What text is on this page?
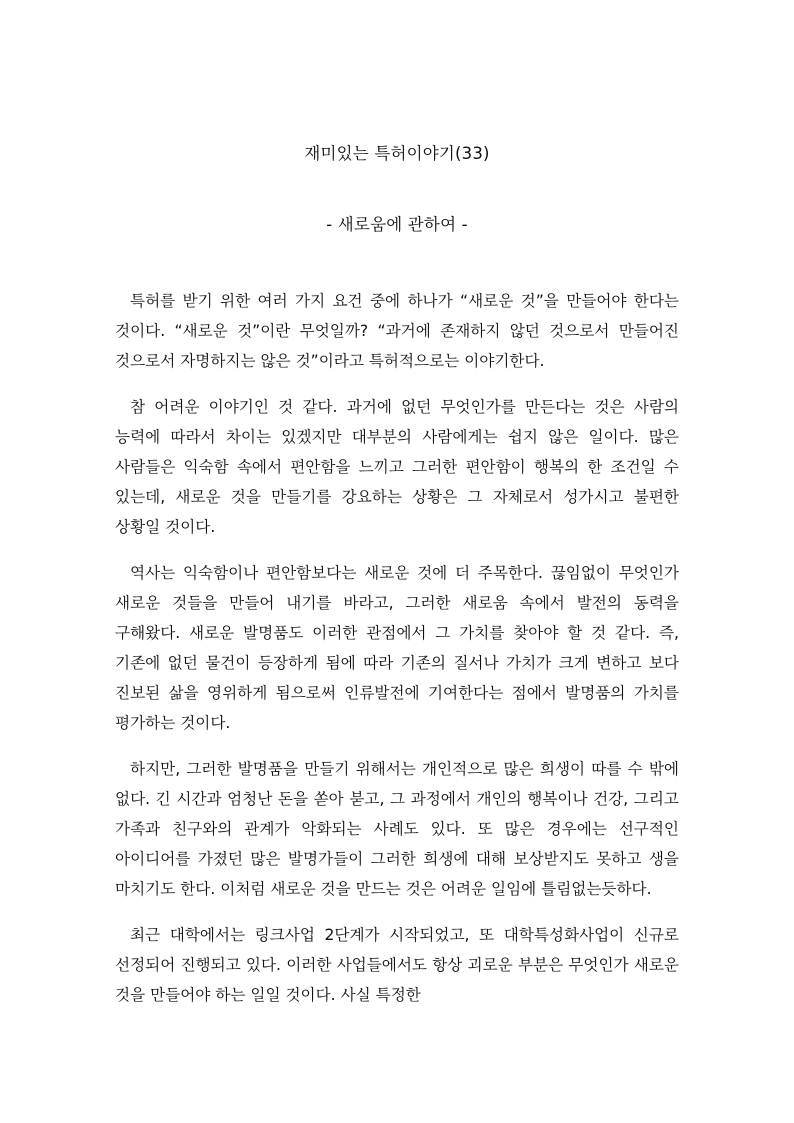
재미있는 특허이야기(33)
- 새로움에 관하여 -

특허를 받기 위한 여러 가지 요건 중에 하나가 “새로운 것”을 만들어야 한다는 것이다. “새로운 것”이란 무엇일까? “과거에 존재하지 않던 것으로서 만들어진 것으로서 자명하지는 않은 것”이라고 특허적으로는 이야기한다.

참 어려운 이야기인 것 같다. 과거에 없던 무엇인가를 만든다는 것은 사람의 능력에 따라서 차이는 있겠지만 대부분의 사람에게는 쉽지 않은 일이다. 많은 사람들은 익숙함 속에서 편안함을 느끼고 그러한 편안함이 행복의 한 조건일 수 있는데, 새로운 것을 만들기를 강요하는 상황은 그 자체로서 성가시고 불편한 상황일 것이다.

역사는 익숙함이나 편안함보다는 새로운 것에 더 주목한다. 끊임없이 무엇인가 새로운 것들을 만들어 내기를 바라고, 그러한 새로움 속에서 발전의 동력을 구해왔다. 새로운 발명품도 이러한 관점에서 그 가치를 찾아야 할 것 같다. 즉, 기존에 없던 물건이 등장하게 됨에 따라 기존의 질서나 가치가 크게 변하고 보다 진보된 삶을 영위하게 됨으로써 인류발전에 기여한다는 점에서 발명품의 가치를 평가하는 것이다.

하지만, 그러한 발명품을 만들기 위해서는 개인적으로 많은 희생이 따를 수 밖에 없다. 긴 시간과 엄청난 돈을 쏟아 붇고, 그 과정에서 개인의 행복이나 건강, 그리고 가족과 친구와의 관계가 악화되는 사례도 있다. 또 많은 경우에는 선구적인 아이디어를 가졌던 많은 발명가들이 그러한 희생에 대해 보상받지도 못하고 생을 마치기도 한다. 이처럼 새로운 것을 만드는 것은 어려운 일임에 틀림없는듯하다.

최근 대학에서는 링크사업 2단계가 시작되었고, 또 대학특성화사업이 신규로 선정되어 진행되고 있다. 이러한 사업들에서도 항상 괴로운 부분은 무엇인가 새로운 것을 만들어야 하는 일일 것이다. 사실 특정한
